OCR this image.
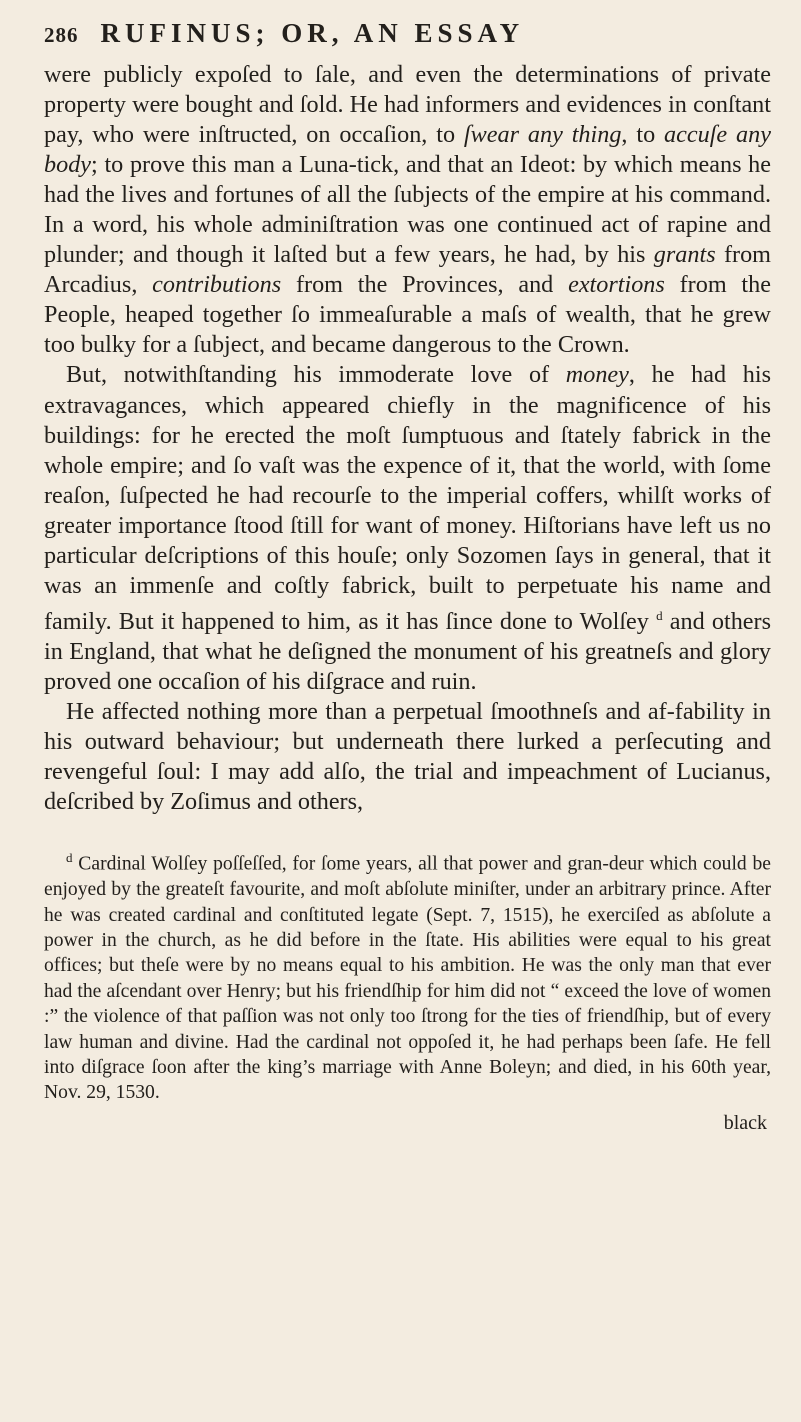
286 RUFINUS; OR, AN ESSAY

were publicly expoſed to ſale, and even the determinations of private property were bought and ſold. He had informers and evidences in conſtant pay, who were inſtructed, on occaſion, to ſwear any thing, to accuſe any body; to prove this man a Luna-tick, and that an Ideot: by which means he had the lives and fortunes of all the ſubjects of the empire at his command. In a word, his whole adminiſtration was one continued act of rapine and plunder; and though it laſted but a few years, he had, by his grants from Arcadius, contributions from the Provinces, and extortions from the People, heaped together ſo immeaſurable a maſs of wealth, that he grew too bulky for a ſubject, and became dangerous to the Crown.

But, notwithſtanding his immoderate love of money, he had his extravagances, which appeared chiefly in the magnificence of his buildings: for he erected the moſt ſumptuous and ſtately fabrick in the whole empire; and ſo vaſt was the expence of it, that the world, with ſome reaſon, ſuſpected he had recourſe to the imperial coffers, whilſt works of greater importance ſtood ſtill for want of money. Hiſtorians have left us no particular deſcriptions of this houſe; only Sozomen ſays in general, that it was an immenſe and coſtly fabrick, built to perpetuate his name and family. But it happened to him, as it has ſince done to Wolſey $^d$ and others in England, that what he deſigned the monument of his greatneſs and glory proved one occaſion of his diſgrace and ruin.

He affected nothing more than a perpetual ſmoothneſs and af-fability in his outward behaviour; but underneath there lurked a perſecuting and revengeful ſoul: I may add alſo, the trial and impeachment of Lucianus, deſcribed by Zoſimus and others,

$^d$ Cardinal Wolſey poſſeſſed, for ſome years, all that power and gran-deur which could be enjoyed by the greateſt favourite, and moſt abſolute miniſter, under an arbitrary prince. After he was created cardinal and conſtituted legate (Sept. 7, 1515), he exerciſed as abſolute a power in the church, as he did before in the ſtate. His abilities were equal to his great offices; but theſe were by no means equal to his ambition. He was the only man that ever had the aſcendant over Henry; but his friendſhip for him did not “ exceed the love of women :” the violence of that paſſion was not only too ſtrong for the ties of friendſhip, but of every law human and divine. Had the cardinal not oppoſed it, he had perhaps been ſafe. He fell into diſgrace ſoon after the king’s marriage with Anne Boleyn; and died, in his 60th year, Nov. 29, 1530.

black
